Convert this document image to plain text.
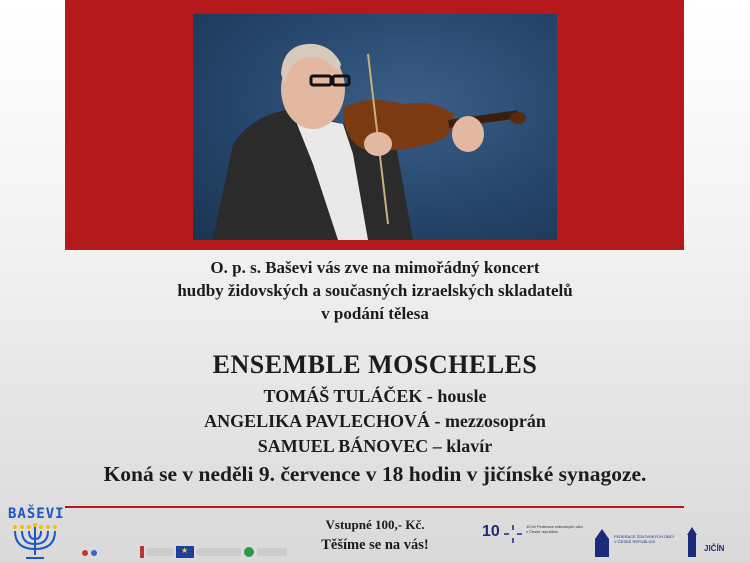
O. p. s. Baševi vás zve na mimořádný koncert
hudby židovských a současných izraelských skladatelů
v podání tělesa
ENSEMBLE MOSCHELES
TOMÁŠ TULÁČEK - housle
ANGELIKA PAVLECHOVÁ - mezzosoprán
SAMUEL BÁNOVEC – klavír
Koná se v neděli 9. července v 18 hodin v jičínské synagoze.
Vstupné 100,- Kč.
Těšíme se na vás!
BAŠEVI
★
10	10 let Federace židovských obcí v České republice
FEDERACE ŽIDOVSKÝCH OBCÍ V ČESKÉ REPUBLICE
JIČÍN
